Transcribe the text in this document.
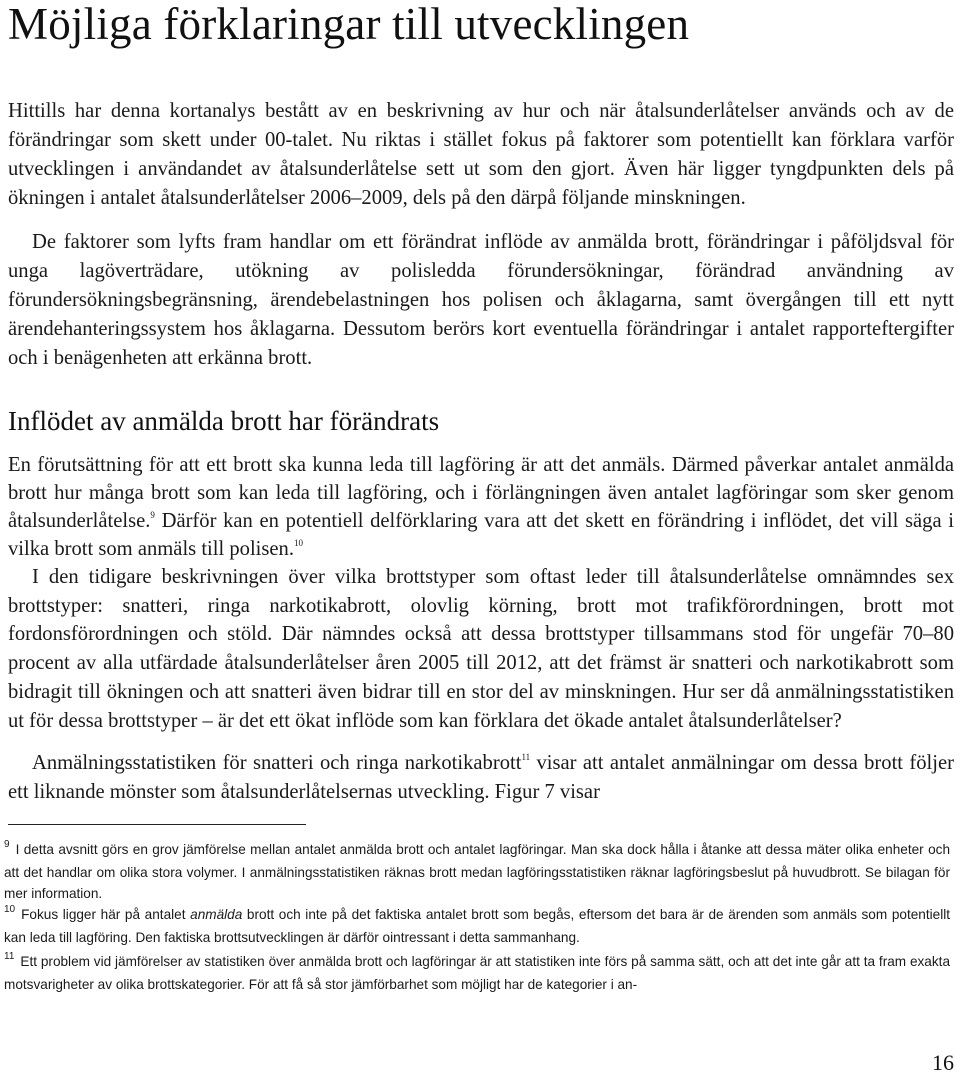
Möjliga förklaringar till utvecklingen

Hittills har denna kortanalys bestått av en beskrivning av hur och när åtalsunderlåtelser används och av de förändringar som skett under 00-talet. Nu riktas i stället fokus på faktorer som potentiellt kan förklara varför utvecklingen i användandet av åtalsunderlåtelse sett ut som den gjort. Även här ligger tyngdpunkten dels på ökningen i antalet åtalsunderlåtelser 2006–2009, dels på den därpå följande minskningen.

De faktorer som lyfts fram handlar om ett förändrat inflöde av anmälda brott, förändringar i påföljdsval för unga lagöverträdare, utökning av polisledda förundersökningar, förändrad användning av förundersökningsbegränsning, ärendebelastningen hos polisen och åklagarna, samt övergången till ett nytt ärendehanteringssystem hos åklagarna. Dessutom berörs kort eventuella förändringar i antalet rapporteftergifter och i benägenheten att erkänna brott.

Inflödet av anmälda brott har förändrats

En förutsättning för att ett brott ska kunna leda till lagföring är att det anmäls. Därmed påverkar antalet anmälda brott hur många brott som kan leda till lagföring, och i förlängningen även antalet lagföringar som sker genom åtalsunderlåtelse.$^9$ Därför kan en potentiell delförklaring vara att det skett en förändring i inflödet, det vill säga i vilka brott som anmäls till polisen.$^{10}$

I den tidigare beskrivningen över vilka brottstyper som oftast leder till åtalsunderlåtelse omnämndes sex brottstyper: snatteri, ringa narkotikabrott, olovlig körning, brott mot trafikförordningen, brott mot fordonsförordningen och stöld. Där nämndes också att dessa brottstyper tillsammans stod för ungefär 70–80 procent av alla utfärdade åtalsunderlåtelser åren 2005 till 2012, att det främst är snatteri och narkotikabrott som bidragit till ökningen och att snatteri även bidrar till en stor del av minskningen. Hur ser då anmälningsstatistiken ut för dessa brottstyper – är det ett ökat inflöde som kan förklara det ökade antalet åtalsunderlåtelser?

Anmälningsstatistiken för snatteri och ringa narkotikabrott$^{11}$ visar att antalet anmälningar om dessa brott följer ett liknande mönster som åtalsunderlåtelsernas utveckling. Figur 7 visar

$^9$ I detta avsnitt görs en grov jämförelse mellan antalet anmälda brott och antalet lagföringar. Man ska dock hålla i åtanke att dessa mäter olika enheter och att det handlar om olika stora volymer. I anmälningsstatistiken räknas brott medan lagföringsstatistiken räknar lagföringsbeslut på huvudbrott. Se bilagan för mer information.

$^{10}$ Fokus ligger här på antalet anmälda brott och inte på det faktiska antalet brott som begås, eftersom det bara är de ärenden som anmäls som potentiellt kan leda till lagföring. Den faktiska brottsutvecklingen är därför ointressant i detta sammanhang.

$^{11}$ Ett problem vid jämförelser av statistiken över anmälda brott och lagföringar är att statistiken inte förs på samma sätt, och att det inte går att ta fram exakta motsvarigheter av olika brottskategorier. För att få så stor jämförbarhet som möjligt har de kategorier i an-

16
